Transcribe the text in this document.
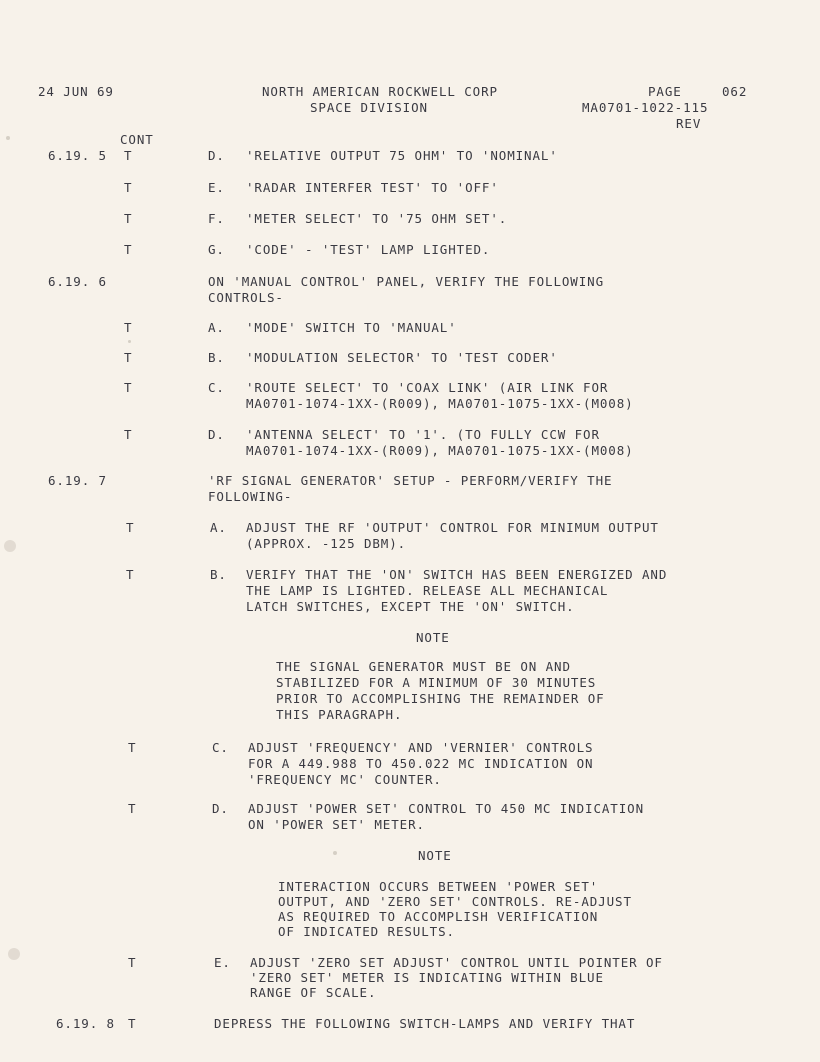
24 JUN 69	NORTH AMERICAN ROCKWELL CORP
SPACE DIVISION
PAGE	062
MA0701-1022-115
REV
CONT
6.19. 5 T	D. 'RELATIVE OUTPUT 75 OHM' TO 'NOMINAL'
T	E. 'RADAR INTERFER TEST' TO 'OFF'
T	F. 'METER SELECT' TO '75 OHM SET'.
T	G. 'CODE' - 'TEST' LAMP LIGHTED.
6.19. 6	ON 'MANUAL CONTROL' PANEL, VERIFY THE FOLLOWING
CONTROLS-
T	A. 'MODE' SWITCH TO 'MANUAL'
T	B. 'MODULATION SELECTOR' TO 'TEST CODER'
T	C. 'ROUTE SELECT' TO 'COAX LINK' (AIR LINK FOR
MA0701-1074-1XX-(R009), MA0701-1075-1XX-(M008)
T	D. 'ANTENNA SELECT' TO '1'. (TO FULLY CCW FOR
MA0701-1074-1XX-(R009), MA0701-1075-1XX-(M008)
6.19. 7	'RF SIGNAL GENERATOR' SETUP - PERFORM/VERIFY THE
FOLLOWING-
T	A. ADJUST THE RF 'OUTPUT' CONTROL FOR MINIMUM OUTPUT
(APPROX. -125 DBM).
T	B. VERIFY THAT THE 'ON' SWITCH HAS BEEN ENERGIZED AND
THE LAMP IS LIGHTED. RELEASE ALL MECHANICAL
LATCH SWITCHES, EXCEPT THE 'ON' SWITCH.
NOTE
THE SIGNAL GENERATOR MUST BE ON AND
STABILIZED FOR A MINIMUM OF 30 MINUTES
PRIOR TO ACCOMPLISHING THE REMAINDER OF
THIS PARAGRAPH.
T	C. ADJUST 'FREQUENCY' AND 'VERNIER' CONTROLS
FOR A 449.988 TO 450.022 MC INDICATION ON
'FREQUENCY MC' COUNTER.
T	D. ADJUST 'POWER SET' CONTROL TO 450 MC INDICATION
ON 'POWER SET' METER.
NOTE
INTERACTION OCCURS BETWEEN 'POWER SET'
OUTPUT, AND 'ZERO SET' CONTROLS. RE-ADJUST
AS REQUIRED TO ACCOMPLISH VERIFICATION
OF INDICATED RESULTS.
T	E. ADJUST 'ZERO SET ADJUST' CONTROL UNTIL POINTER OF
'ZERO SET' METER IS INDICATING WITHIN BLUE
RANGE OF SCALE.
6.19. 8 T	DEPRESS THE FOLLOWING SWITCH-LAMPS AND VERIFY THAT
